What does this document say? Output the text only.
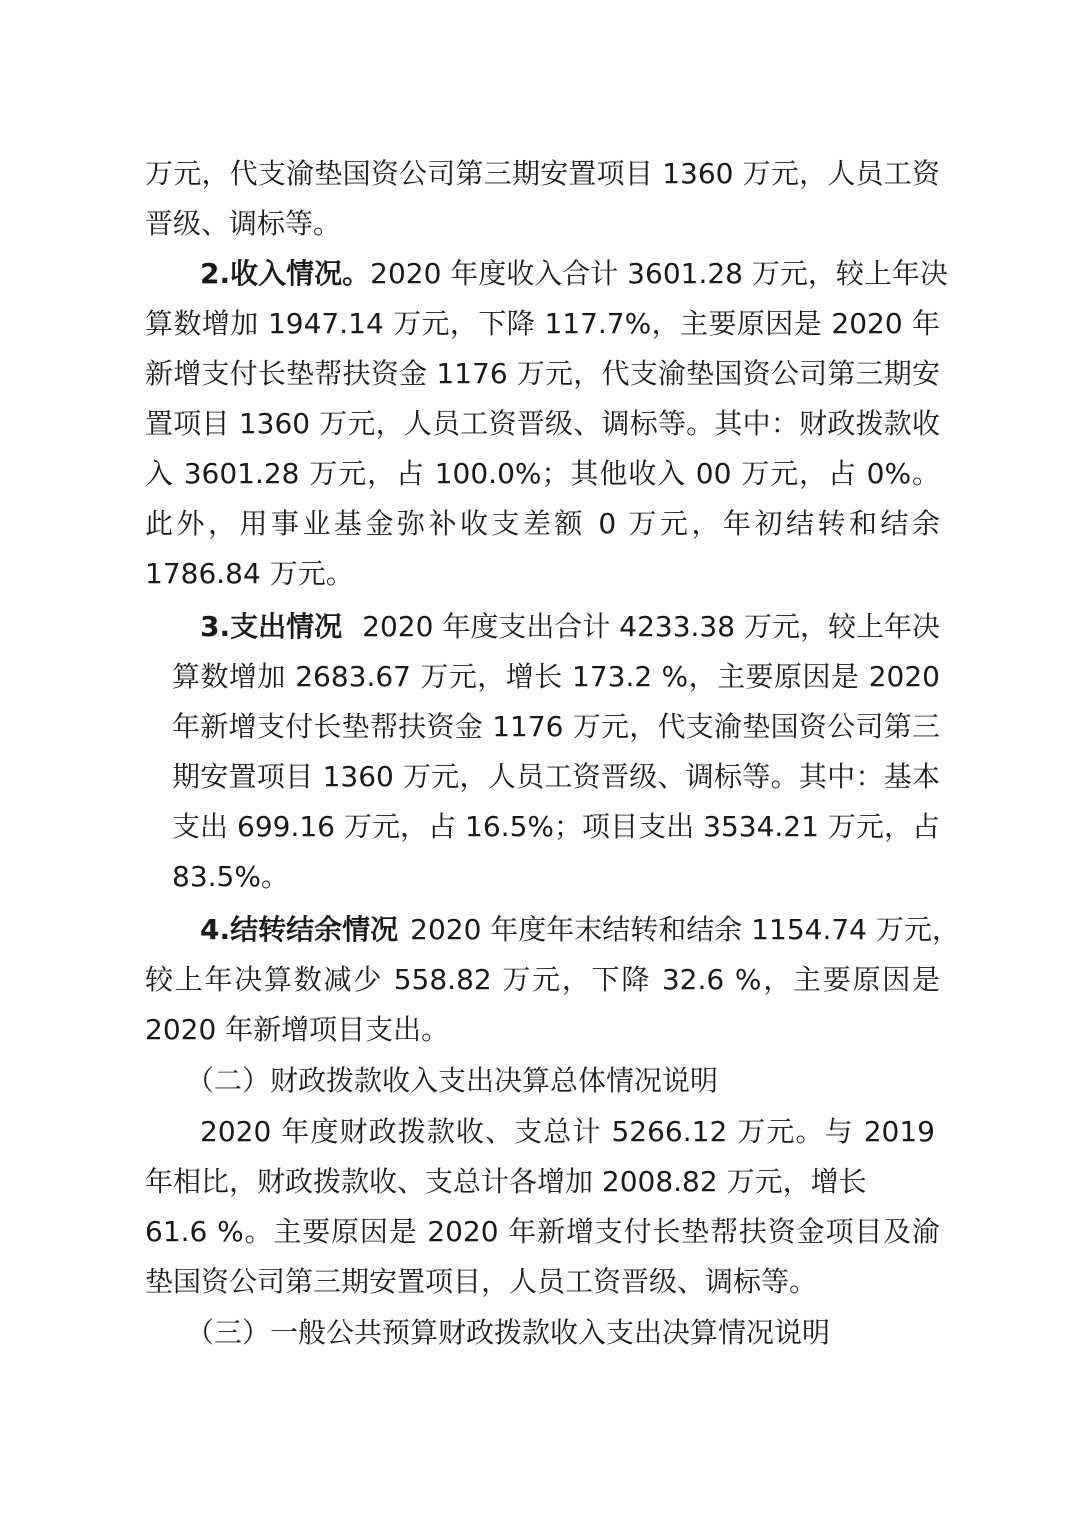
万元，代支渝垫国资公司第三期安置项目 1360 万元，人员工资
晋级、调标等。
2.收入情况。2020 年度收入合计 3601.28 万元，较上年决
算数增加 1947.14 万元，下降 117.7%，主要原因是 2020 年
新增支付长垫帮扶资金 1176 万元，代支渝垫国资公司第三期安
置项目 1360 万元，人员工资晋级、调标等。其中：财政拨款收
入 3601.28 万元，占 100.0%；其他收入 00 万元，占 0%。
此外，用事业基金弥补收支差额 0 万元，年初结转和结余
1786.84 万元。
3.支出情况 2020 年度支出合计 4233.38 万元，较上年决
算数增加 2683.67 万元，增长 173.2 %，主要原因是 2020
年新增支付长垫帮扶资金 1176 万元，代支渝垫国资公司第三
期安置项目 1360 万元，人员工资晋级、调标等。其中：基本
支出 699.16 万元，占 16.5%；项目支出 3534.21 万元，占
83.5%。
4.结转结余情况 2020 年度年末结转和结余 1154.74 万元，
较上年决算数减少 558.82 万元，下降 32.6 %，主要原因是
2020 年新增项目支出。
（二）财政拨款收入支出决算总体情况说明
2020 年度财政拨款收、支总计 5266.12 万元。与 2019
年相比，财政拨款收、支总计各增加 2008.82 万元，增长
61.6 %。主要原因是 2020 年新增支付长垫帮扶资金项目及渝
垫国资公司第三期安置项目，人员工资晋级、调标等。
（三）一般公共预算财政拨款收入支出决算情况说明
